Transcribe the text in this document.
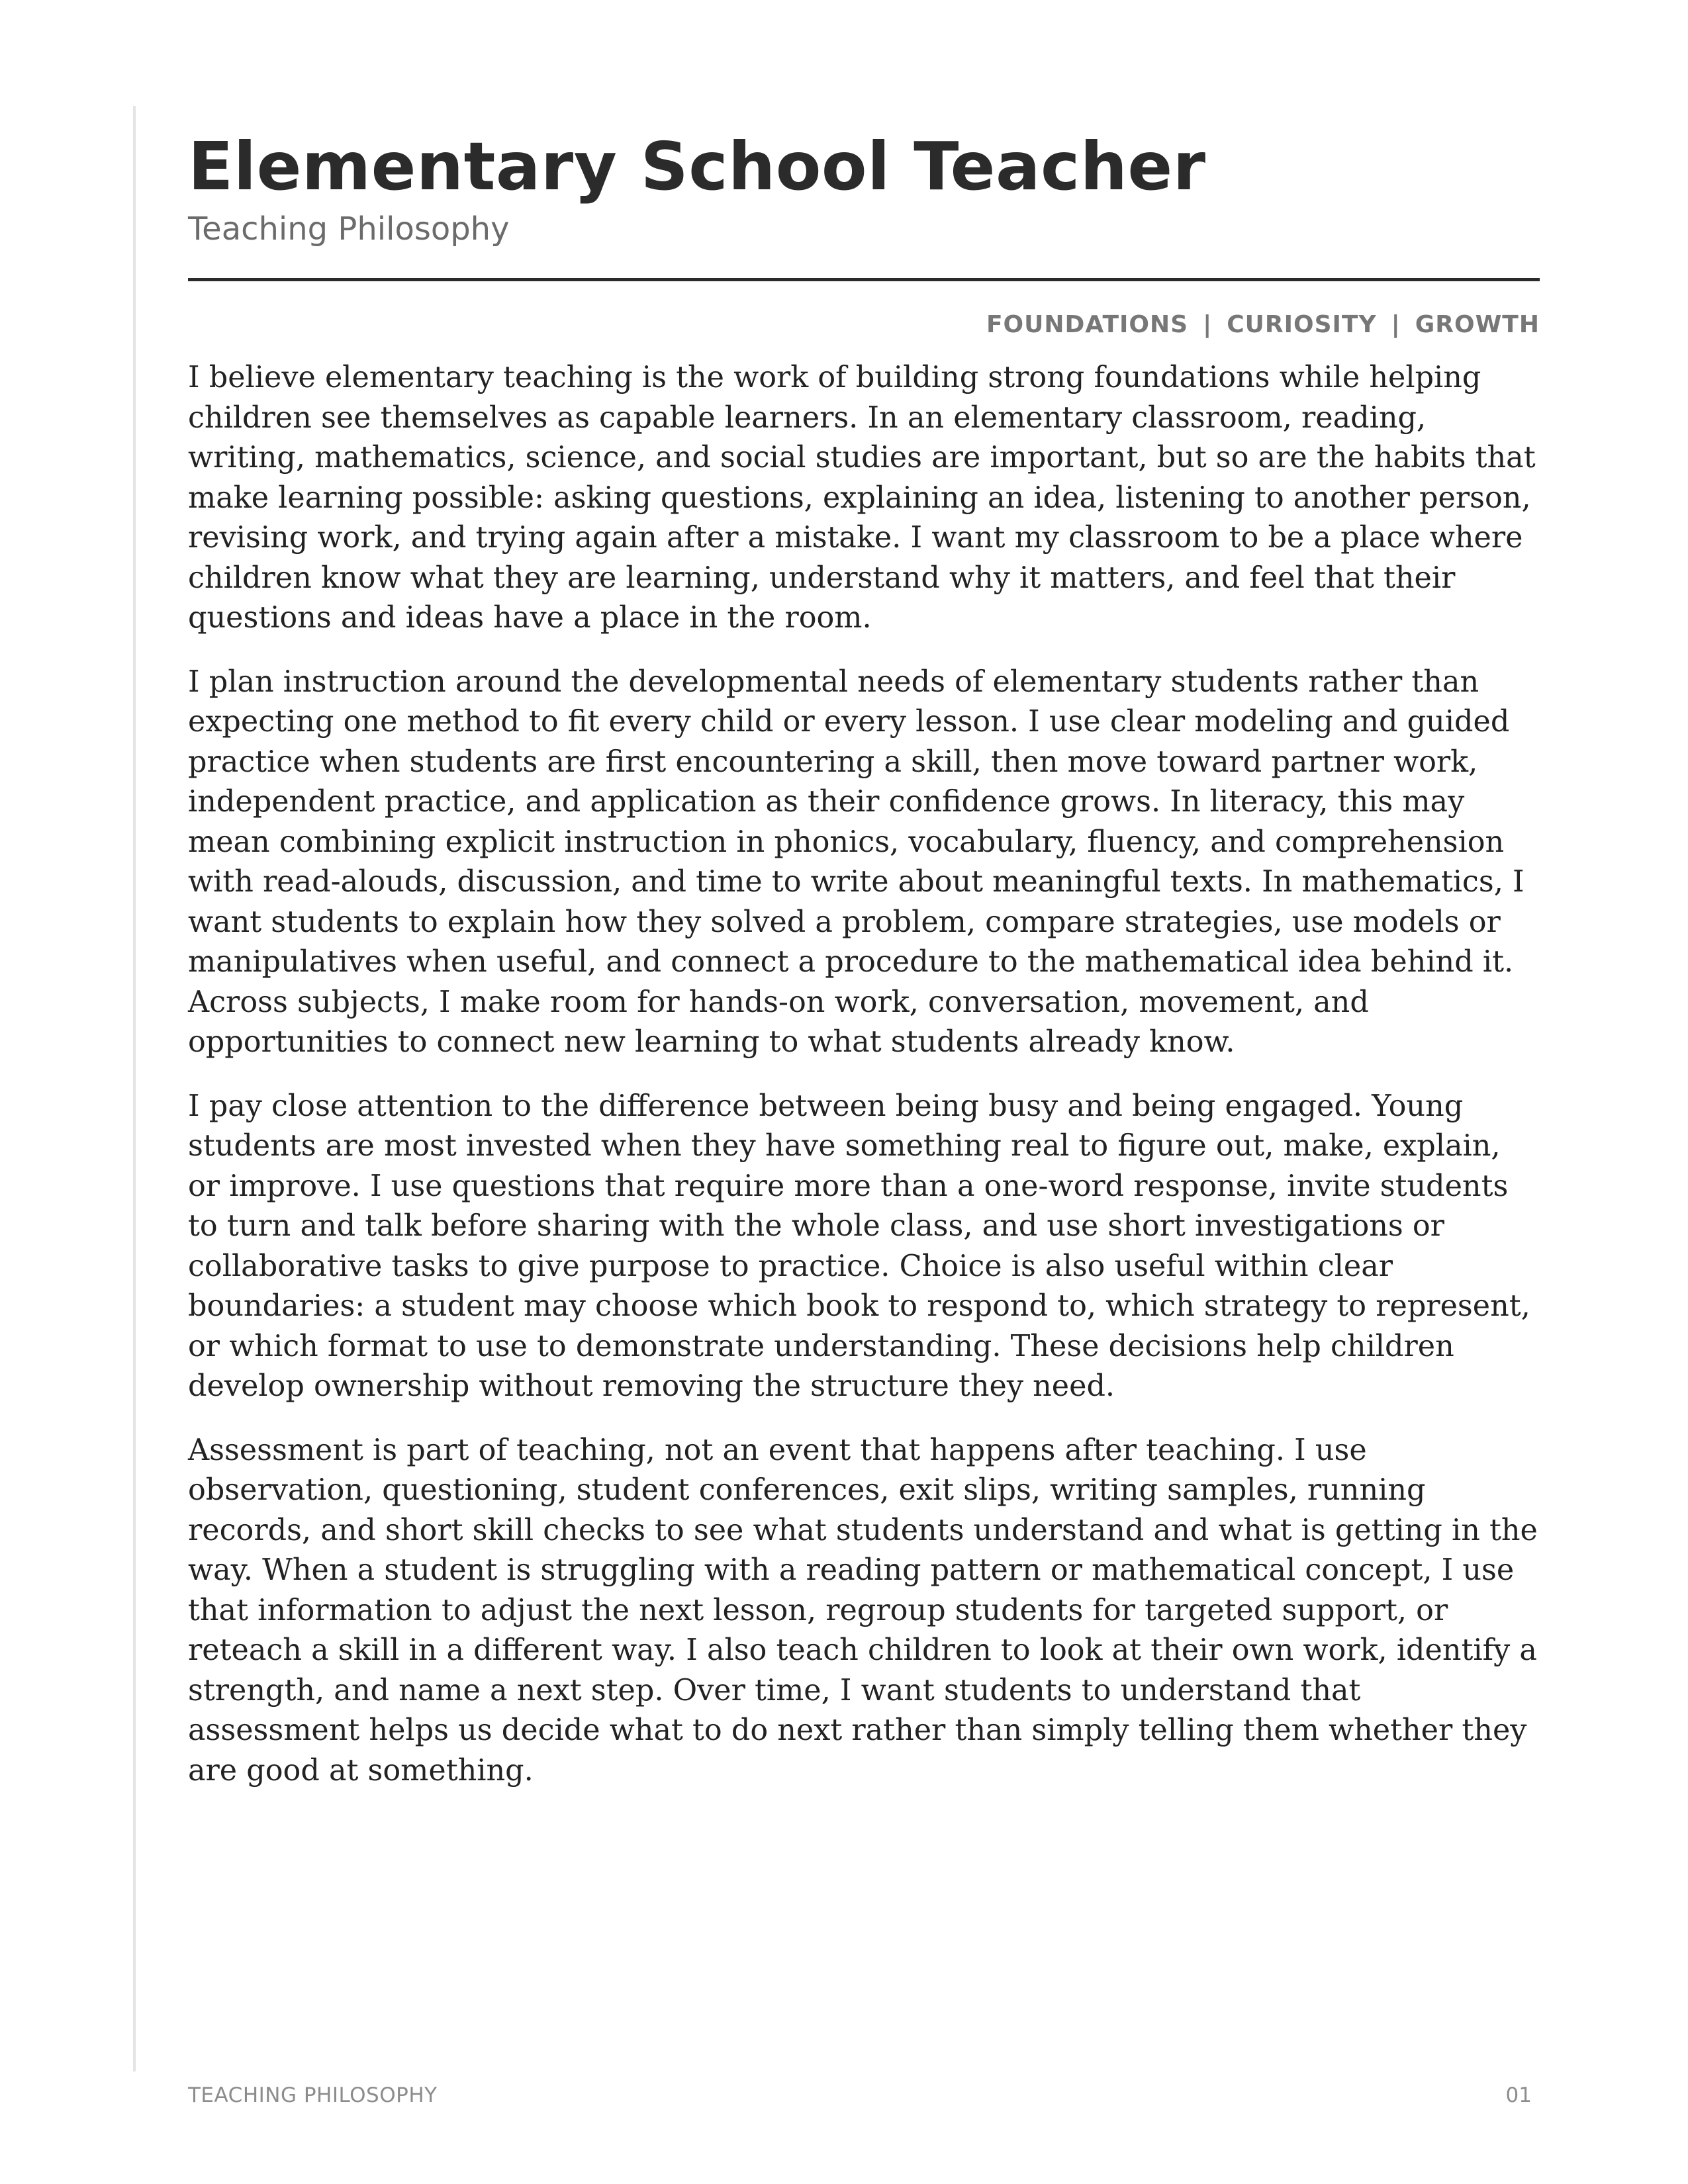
Elementary School Teacher
Teaching Philosophy
FOUNDATIONS | CURIOSITY | GROWTH

I believe elementary teaching is the work of building strong foundations while helping children see themselves as capable learners. In an elementary classroom, reading, writing, mathematics, science, and social studies are important, but so are the habits that make learning possible: asking questions, explaining an idea, listening to another person, revising work, and trying again after a mistake. I want my classroom to be a place where children know what they are learning, understand why it matters, and feel that their questions and ideas have a place in the room.

I plan instruction around the developmental needs of elementary students rather than expecting one method to fit every child or every lesson. I use clear modeling and guided practice when students are first encountering a skill, then move toward partner work, independent practice, and application as their confidence grows. In literacy, this may mean combining explicit instruction in phonics, vocabulary, fluency, and comprehension with read-alouds, discussion, and time to write about meaningful texts. In mathematics, I want students to explain how they solved a problem, compare strategies, use models or manipulatives when useful, and connect a procedure to the mathematical idea behind it. Across subjects, I make room for hands-on work, conversation, movement, and opportunities to connect new learning to what students already know.

I pay close attention to the difference between being busy and being engaged. Young students are most invested when they have something real to figure out, make, explain, or improve. I use questions that require more than a one-word response, invite students to turn and talk before sharing with the whole class, and use short investigations or collaborative tasks to give purpose to practice. Choice is also useful within clear boundaries: a student may choose which book to respond to, which strategy to represent, or which format to use to demonstrate understanding. These decisions help children develop ownership without removing the structure they need.

Assessment is part of teaching, not an event that happens after teaching. I use observation, questioning, student conferences, exit slips, writing samples, running records, and short skill checks to see what students understand and what is getting in the way. When a student is struggling with a reading pattern or mathematical concept, I use that information to adjust the next lesson, regroup students for targeted support, or reteach a skill in a different way. I also teach children to look at their own work, identify a strength, and name a next step. Over time, I want students to understand that assessment helps us decide what to do next rather than simply telling them whether they are good at something.

TEACHING PHILOSOPHY	01
